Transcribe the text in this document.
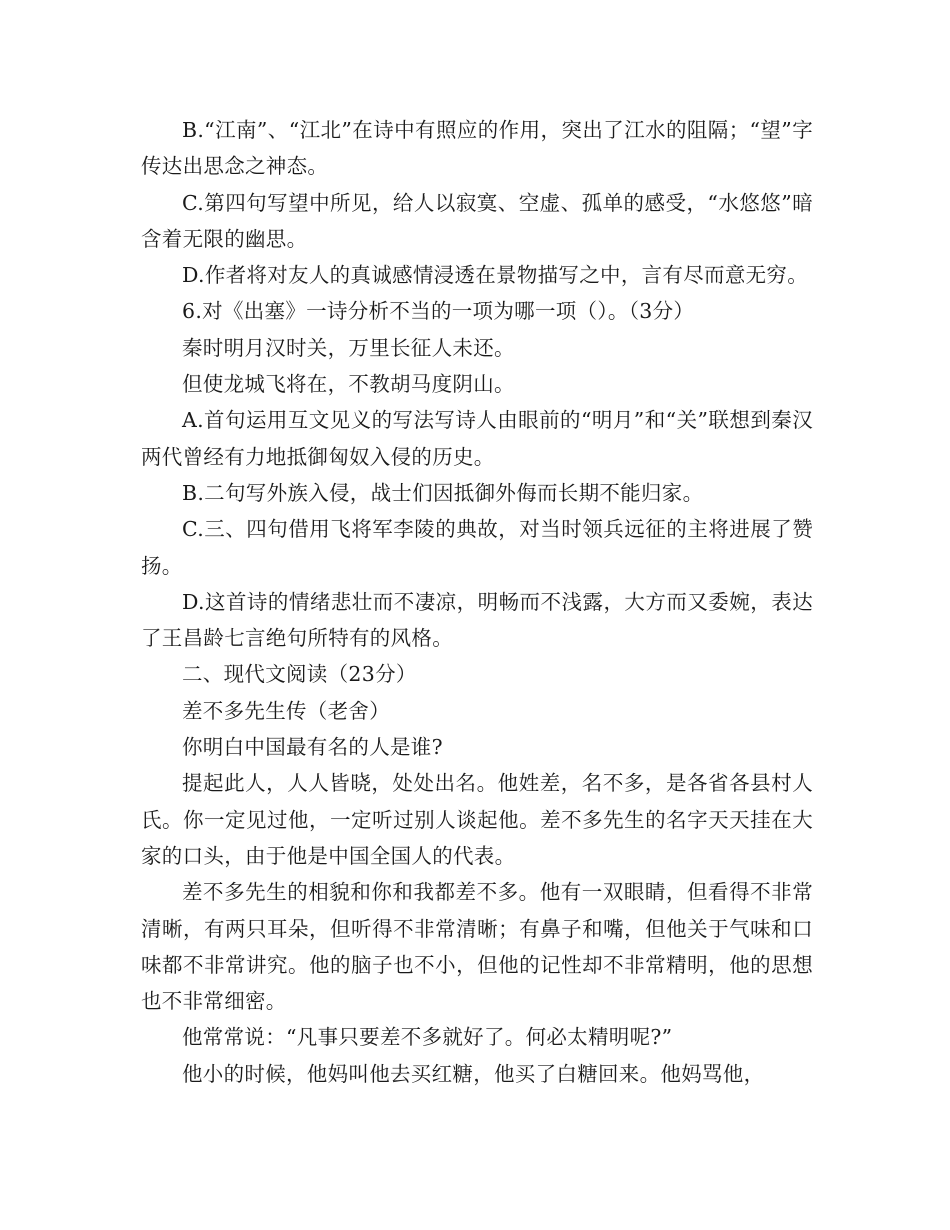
B.“江南”、“江北”在诗中有照应的作用，突出了江水的阻隔；“望”字传达出思念之神态。

C.第四句写望中所见，给人以寂寞、空虚、孤单的感受，“水悠悠”暗含着无限的幽思。

D.作者将对友人的真诚感情浸透在景物描写之中，言有尽而意无穷。

6.对《出塞》一诗分析不当的一项为哪一项（）。（3分）

秦时明月汉时关，万里长征人未还。

但使龙城飞将在，不教胡马度阴山。

A.首句运用互文见义的写法写诗人由眼前的“明月”和“关”联想到秦汉两代曾经有力地抵御匈奴入侵的历史。

B.二句写外族入侵，战士们因抵御外侮而长期不能归家。

C.三、四句借用飞将军李陵的典故，对当时领兵远征的主将进展了赞扬。

D.这首诗的情绪悲壮而不凄凉，明畅而不浅露，大方而又委婉，表达了王昌龄七言绝句所特有的风格。

二、现代文阅读（23分）

差不多先生传（老舍）

你明白中国最有名的人是谁?

提起此人，人人皆晓，处处出名。他姓差，名不多，是各省各县村人氏。你一定见过他，一定听过别人谈起他。差不多先生的名字天天挂在大家的口头，由于他是中国全国人的代表。

差不多先生的相貌和你和我都差不多。他有一双眼睛，但看得不非常清晰，有两只耳朵，但听得不非常清晰；有鼻子和嘴，但他关于气味和口味都不非常讲究。他的脑子也不小，但他的记性却不非常精明，他的思想也不非常细密。

他常常说：“凡事只要差不多就好了。何必太精明呢?”

他小的时候，他妈叫他去买红糖，他买了白糖回来。他妈骂他，
